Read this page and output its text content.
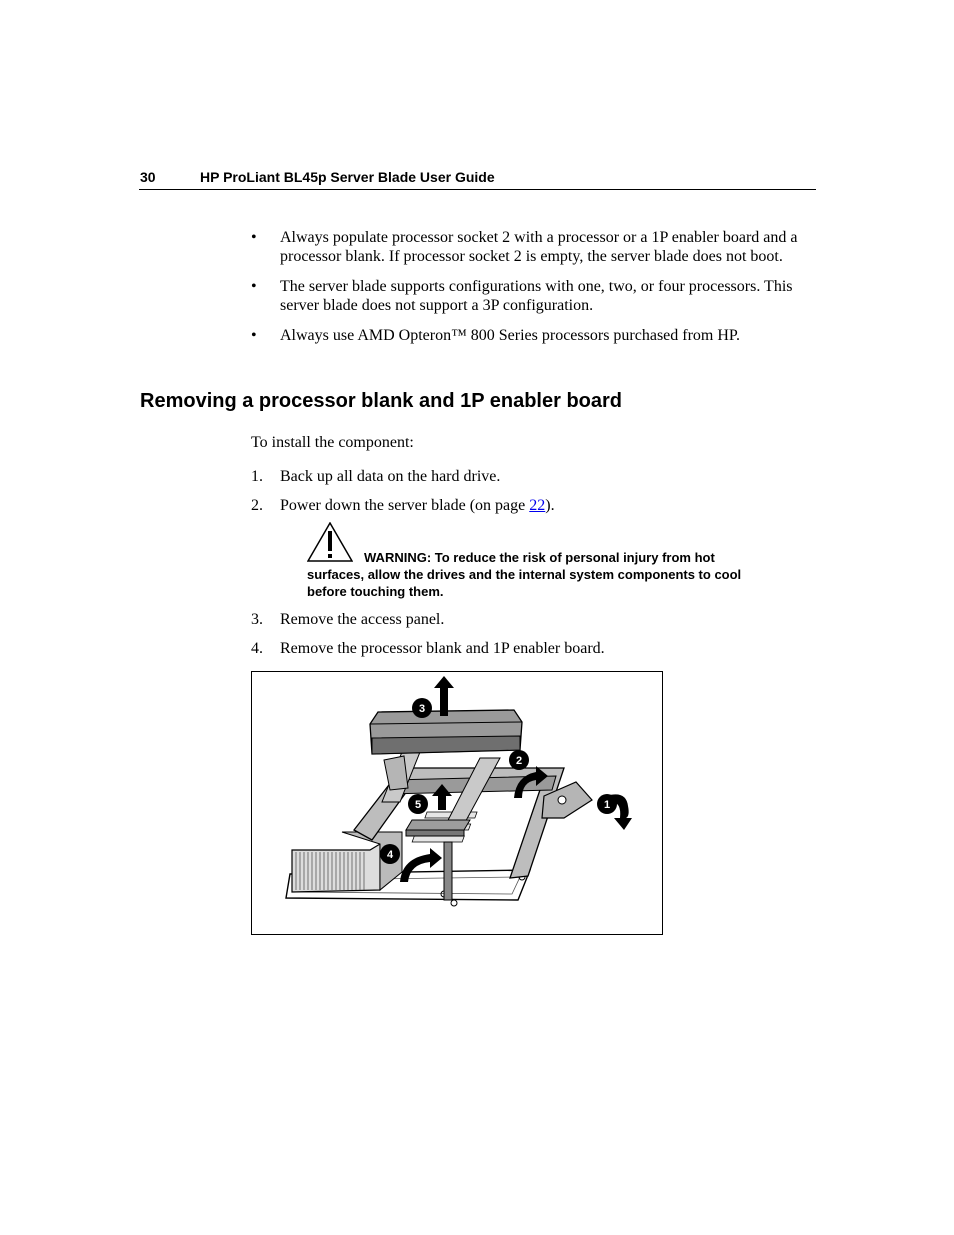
30	HP ProLiant BL45p Server Blade User Guide
• Always populate processor socket 2 with a processor or a 1P enabler board and a processor blank. If processor socket 2 is empty, the server blade does not boot.
• The server blade supports configurations with one, two, or four processors. This server blade does not support a 3P configuration.
• Always use AMD Opteron™ 800 Series processors purchased from HP.
Removing a processor blank and 1P enabler board
To install the component:
1. Back up all data on the hard drive.
2. Power down the server blade (on page 22).

WARNING: To reduce the risk of personal injury from hot surfaces, allow the drives and the internal system components to cool before touching them.

3. Remove the access panel.
4. Remove the processor blank and 1P enabler board.
1
2
3
4
5
